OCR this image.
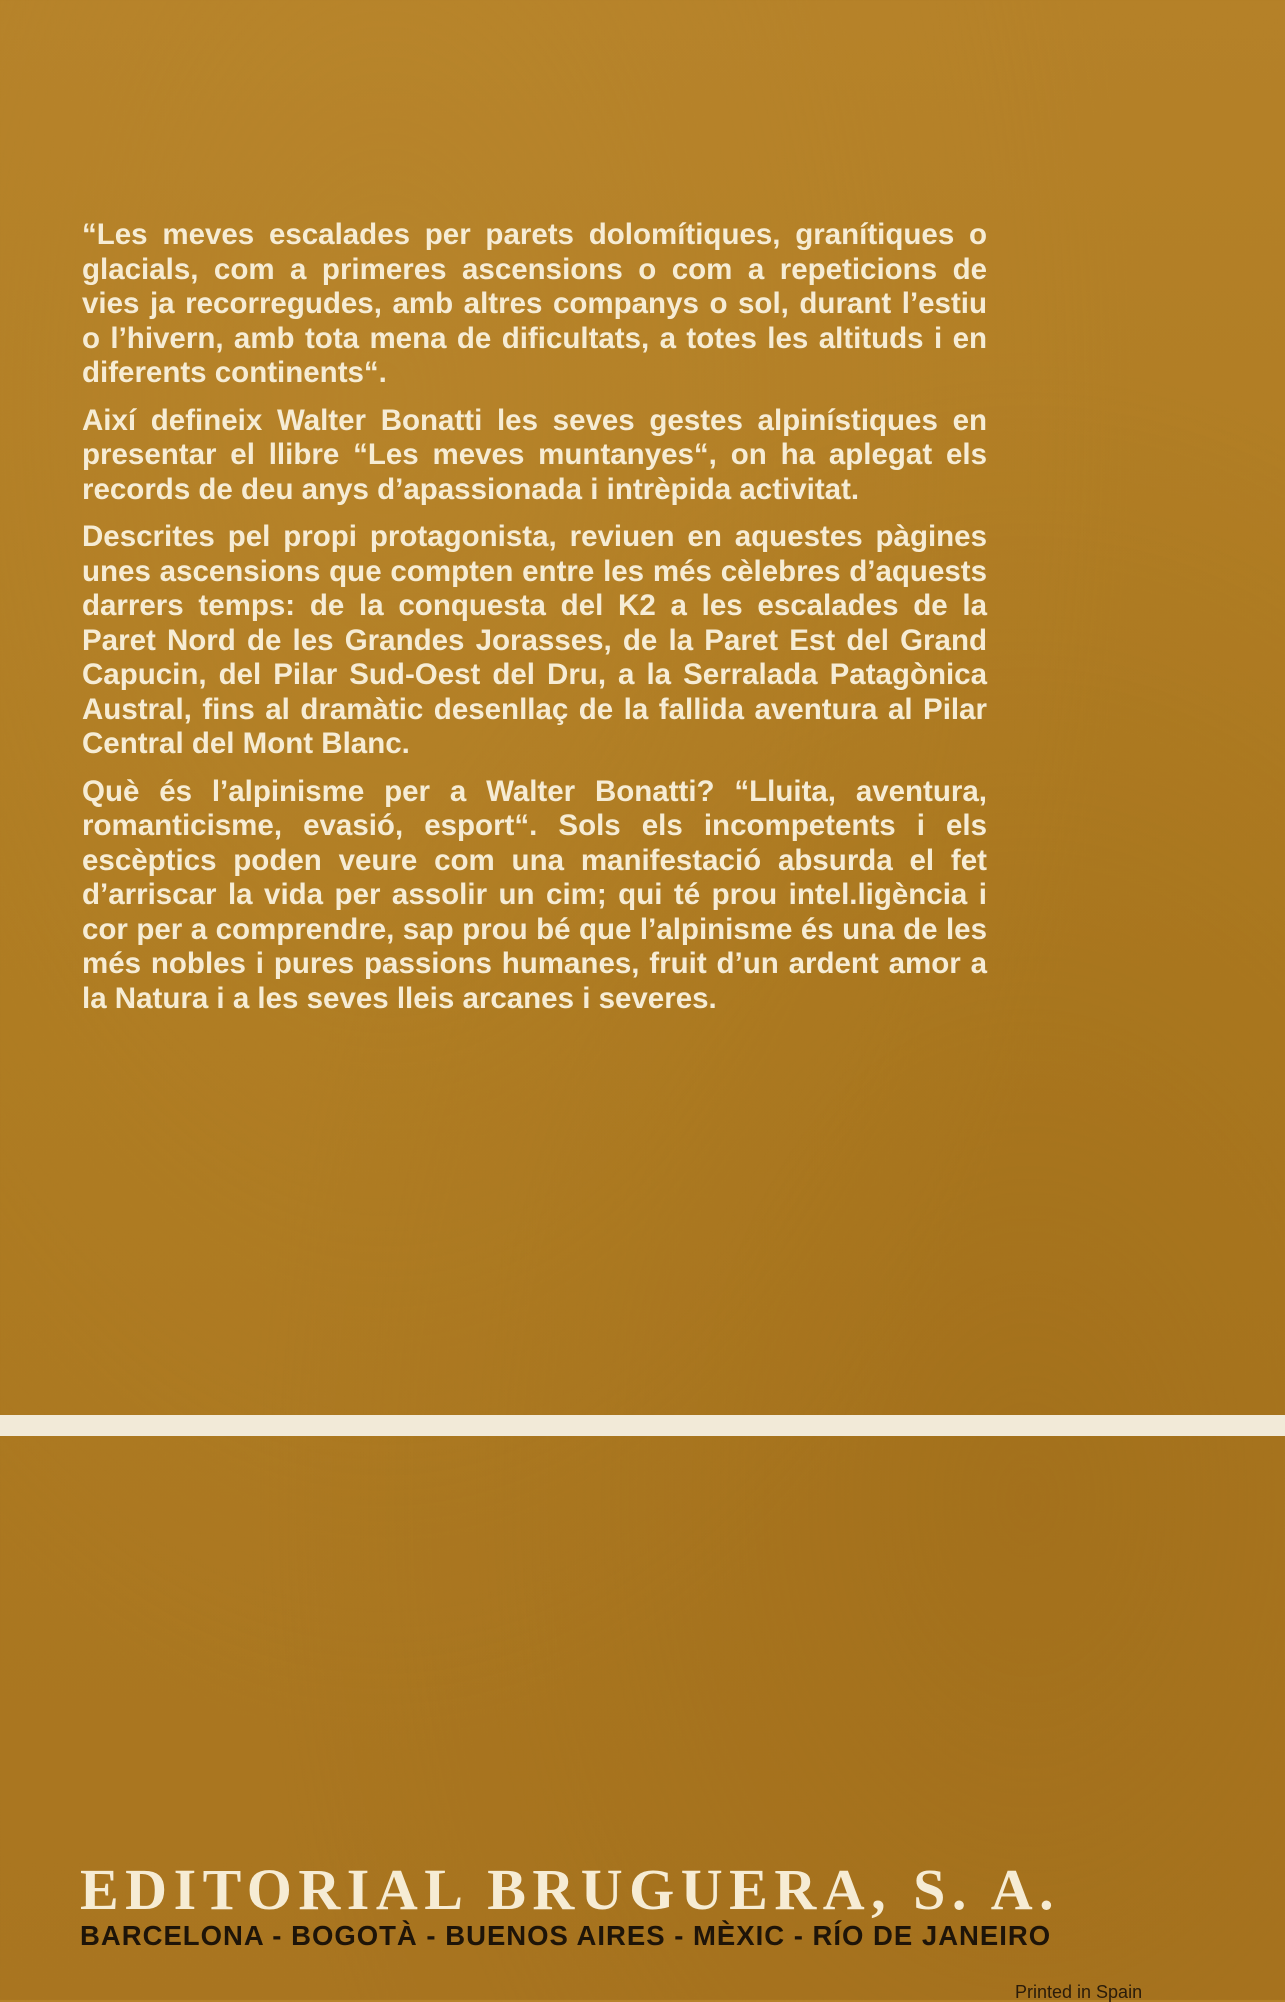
“Les meves escalades per parets dolomítiques, granítiques o glacials, com a primeres ascensions o com a repeticions de vies ja recorregudes, amb altres companys o sol, durant l’estiu o l’hivern, amb tota mena de dificultats, a totes les altituds i en diferents continents“.

Així defineix Walter Bonatti les seves gestes alpinístiques en presentar el llibre “Les meves muntanyes“, on ha aplegat els records de deu anys d’apassionada i intrèpida activitat.

Descrites pel propi protagonista, reviuen en aquestes pàgines unes ascensions que compten entre les més cèlebres d’aquests darrers temps: de la conquesta del K2 a les escalades de la Paret Nord de les Grandes Jorasses, de la Paret Est del Grand Capucin, del Pilar Sud-Oest del Dru, a la Serralada Patagònica Austral, fins al dramàtic desenllaç de la fallida aventura al Pilar Central del Mont Blanc.

Què és l’alpinisme per a Walter Bonatti? “Lluita, aventura, romanticisme, evasió, esport“. Sols els incompetents i els escèptics poden veure com una manifestació absurda el fet d’arriscar la vida per assolir un cim; qui té prou intel.ligència i cor per a comprendre, sap prou bé que l’alpinisme és una de les més nobles i pures passions humanes, fruit d’un ardent amor a la Natura i a les seves lleis arcanes i severes.

EDITORIAL BRUGUERA, S. A.
BARCELONA - BOGOTÀ - BUENOS AIRES - MÈXIC - RÍO DE JANEIRO
Printed in Spain
